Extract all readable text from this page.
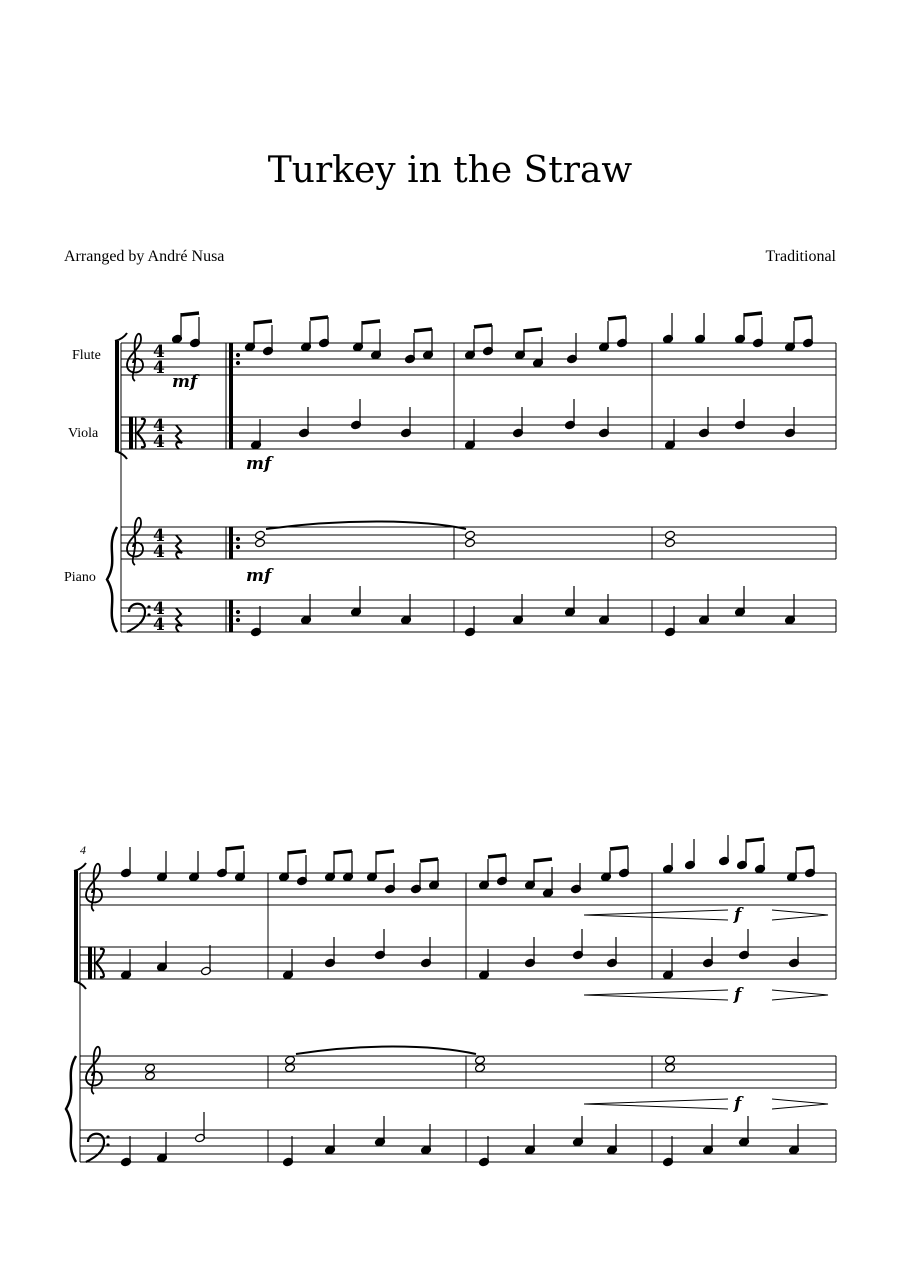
Turkey in the Straw
Arranged by André Nusa	Traditional
Flute
Viola
Piano
4
4
4
4
4
4
4
4
4
mf
mf
mf
f
f
f
